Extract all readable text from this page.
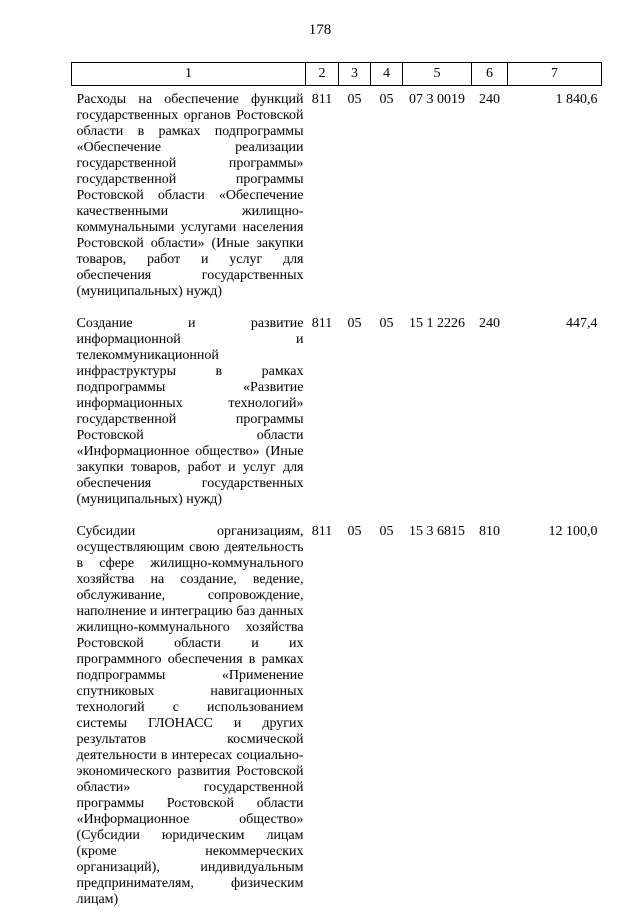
178
1	2	3	4	5	6	7
Расходы на обеспечение функций государственных органов Ростовской области в рамках подпрограммы «Обеспечение реализации государственной программы» государственной программы Ростовской области «Обеспечение качественными жилищно-коммунальными услугами населения Ростовской области» (Иные закупки товаров, работ и услуг для обеспечения государственных (муниципальных) нужд)	811	05	05	07 3 0019	240	1 840,6
Создание и развитие информационной и телекоммуникационной инфраструктуры в рамках подпрограммы «Развитие информационных технологий» государственной программы Ростовской области «Информационное общество» (Иные закупки товаров, работ и услуг для обеспечения государственных (муниципальных) нужд)	811	05	05	15 1 2226	240	447,4
Субсидии организациям, осуществляющим свою деятельность в сфере жилищно-коммунального хозяйства на создание, ведение, обслуживание, сопровождение, наполнение и интеграцию баз данных жилищно-коммунального хозяйства Ростовской области и их программного обеспечения в рамках подпрограммы «Применение спутниковых навигационных технологий с использованием системы ГЛОНАСС и других результатов космической деятельности в интересах социально-экономического развития Ростовской области» государственной программы Ростовской области «Информационное общество» (Субсидии юридическим лицам (кроме некоммерческих организаций), индивидуальным предпринимателям, физическим лицам)	811	05	05	15 3 6815	810	12 100,0
